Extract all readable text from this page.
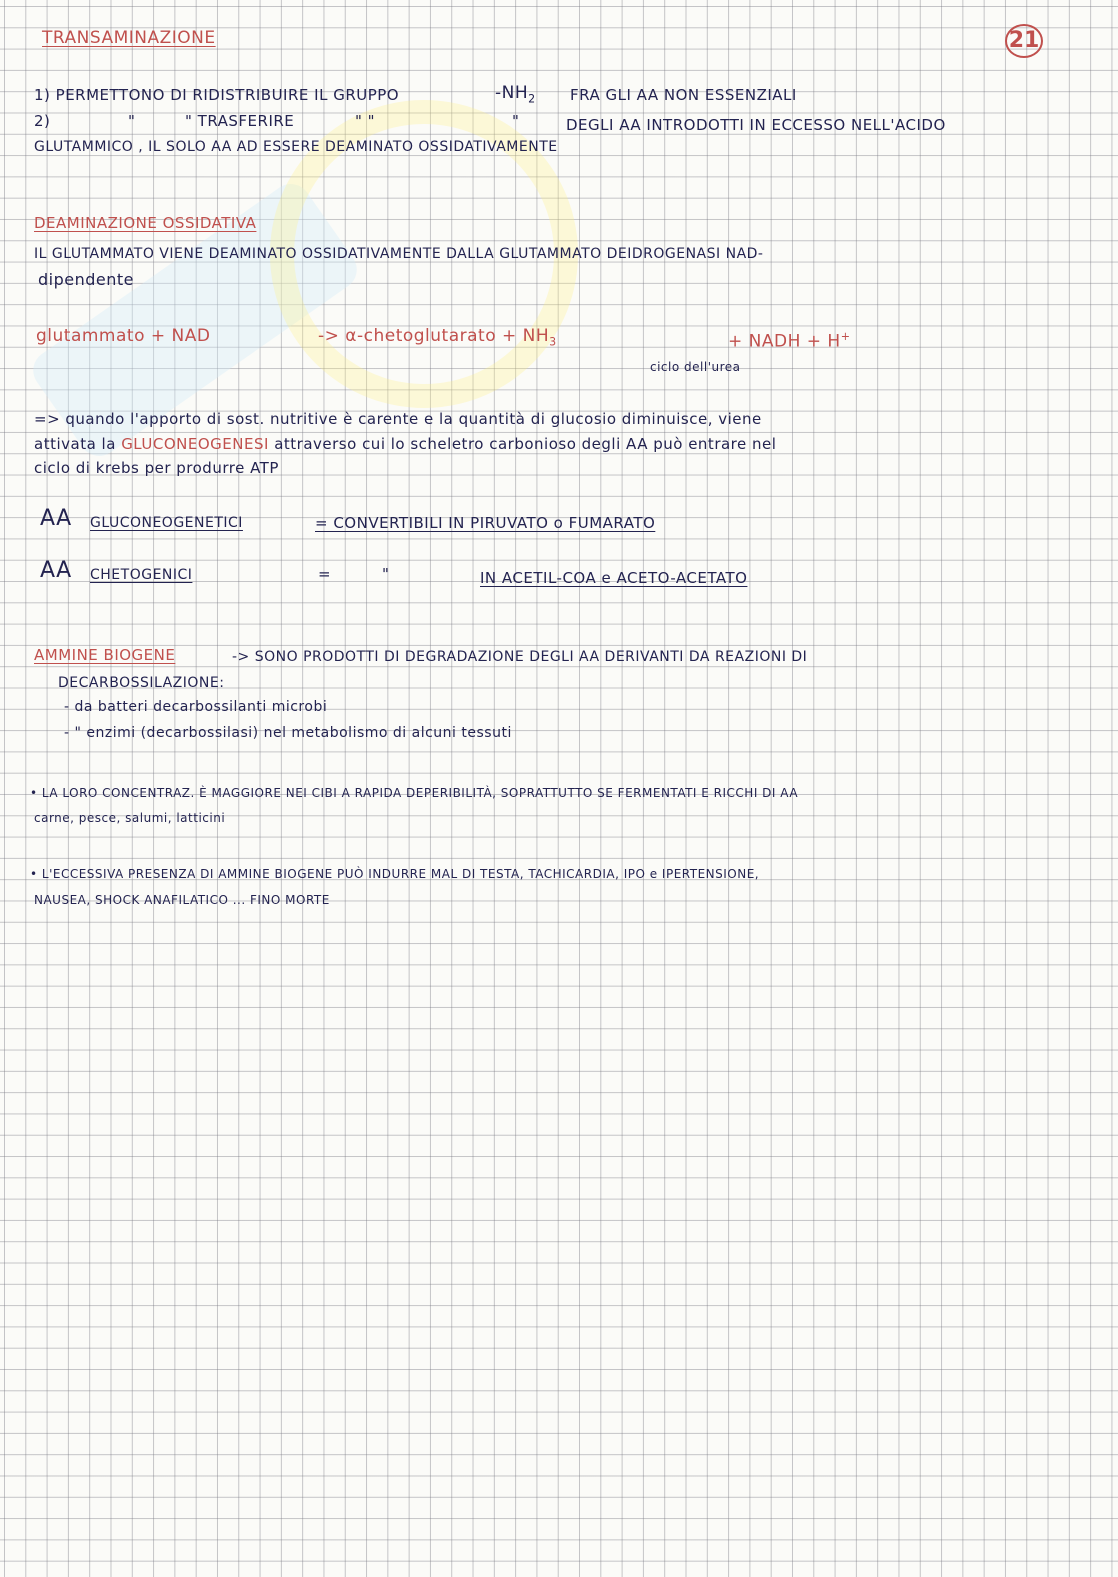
21
TRANSAMINAZIONE
1) PERMETTONO DI RIDISTRIBUIRE IL GRUPPO	$-NH_2$ FRA GLI AA NON ESSENZIALI
2)	"	" TRASFERIRE	" "	"	DEGLI AA INTRODOTTI IN ECCESSO NELL'ACIDO
GLUTAMMICO , IL SOLO AA AD ESSERE DEAMINATO OSSIDATIVAMENTE
DEAMINAZIONE OSSIDATIVA
IL GLUTAMMATO VIENE DEAMINATO OSSIDATIVAMENTE DALLA GLUTAMMATO DEIDROGENASI NAD-
dipendente
glutammato + NAD	-> α-chetoglutarato + $NH_3$	+ NADH + H+
ciclo dell'urea
=> quando l'apporto di sost. nutritive è carente e la quantità di glucosio diminuisce, viene
attivata la GLUCONEOGENESI attraverso cui lo scheletro carbonioso degli AA può entrare nel
ciclo di krebs per produrre ATP
AA GLUCONEOGENETICI	= CONVERTIBILI IN PIRUVATO o FUMARATO
AA CHETOGENICI	=	"	IN ACETIL-COA e ACETO-ACETATO
AMMINE BIOGENE	-> SONO PRODOTTI DI DEGRADAZIONE DEGLI AA DERIVANTI DA REAZIONI DI
DECARBOSSILAZIONE:
- da batteri decarbossilanti microbi
- " enzimi (decarbossilasi) nel metabolismo di alcuni tessuti
• LA LORO CONCENTRAZ. È MAGGIORE NEI CIBI A RAPIDA DEPERIBILITÀ, SOPRATTUTTO SE FERMENTATI E RICCHI DI AA
carne, pesce, salumi, latticini
• L'ECCESSIVA PRESENZA DI AMMINE BIOGENE PUÒ INDURRE MAL DI TESTA, TACHICARDIA, IPO e IPERTENSIONE,
NAUSEA, SHOCK ANAFILATICO ... FINO MORTE
